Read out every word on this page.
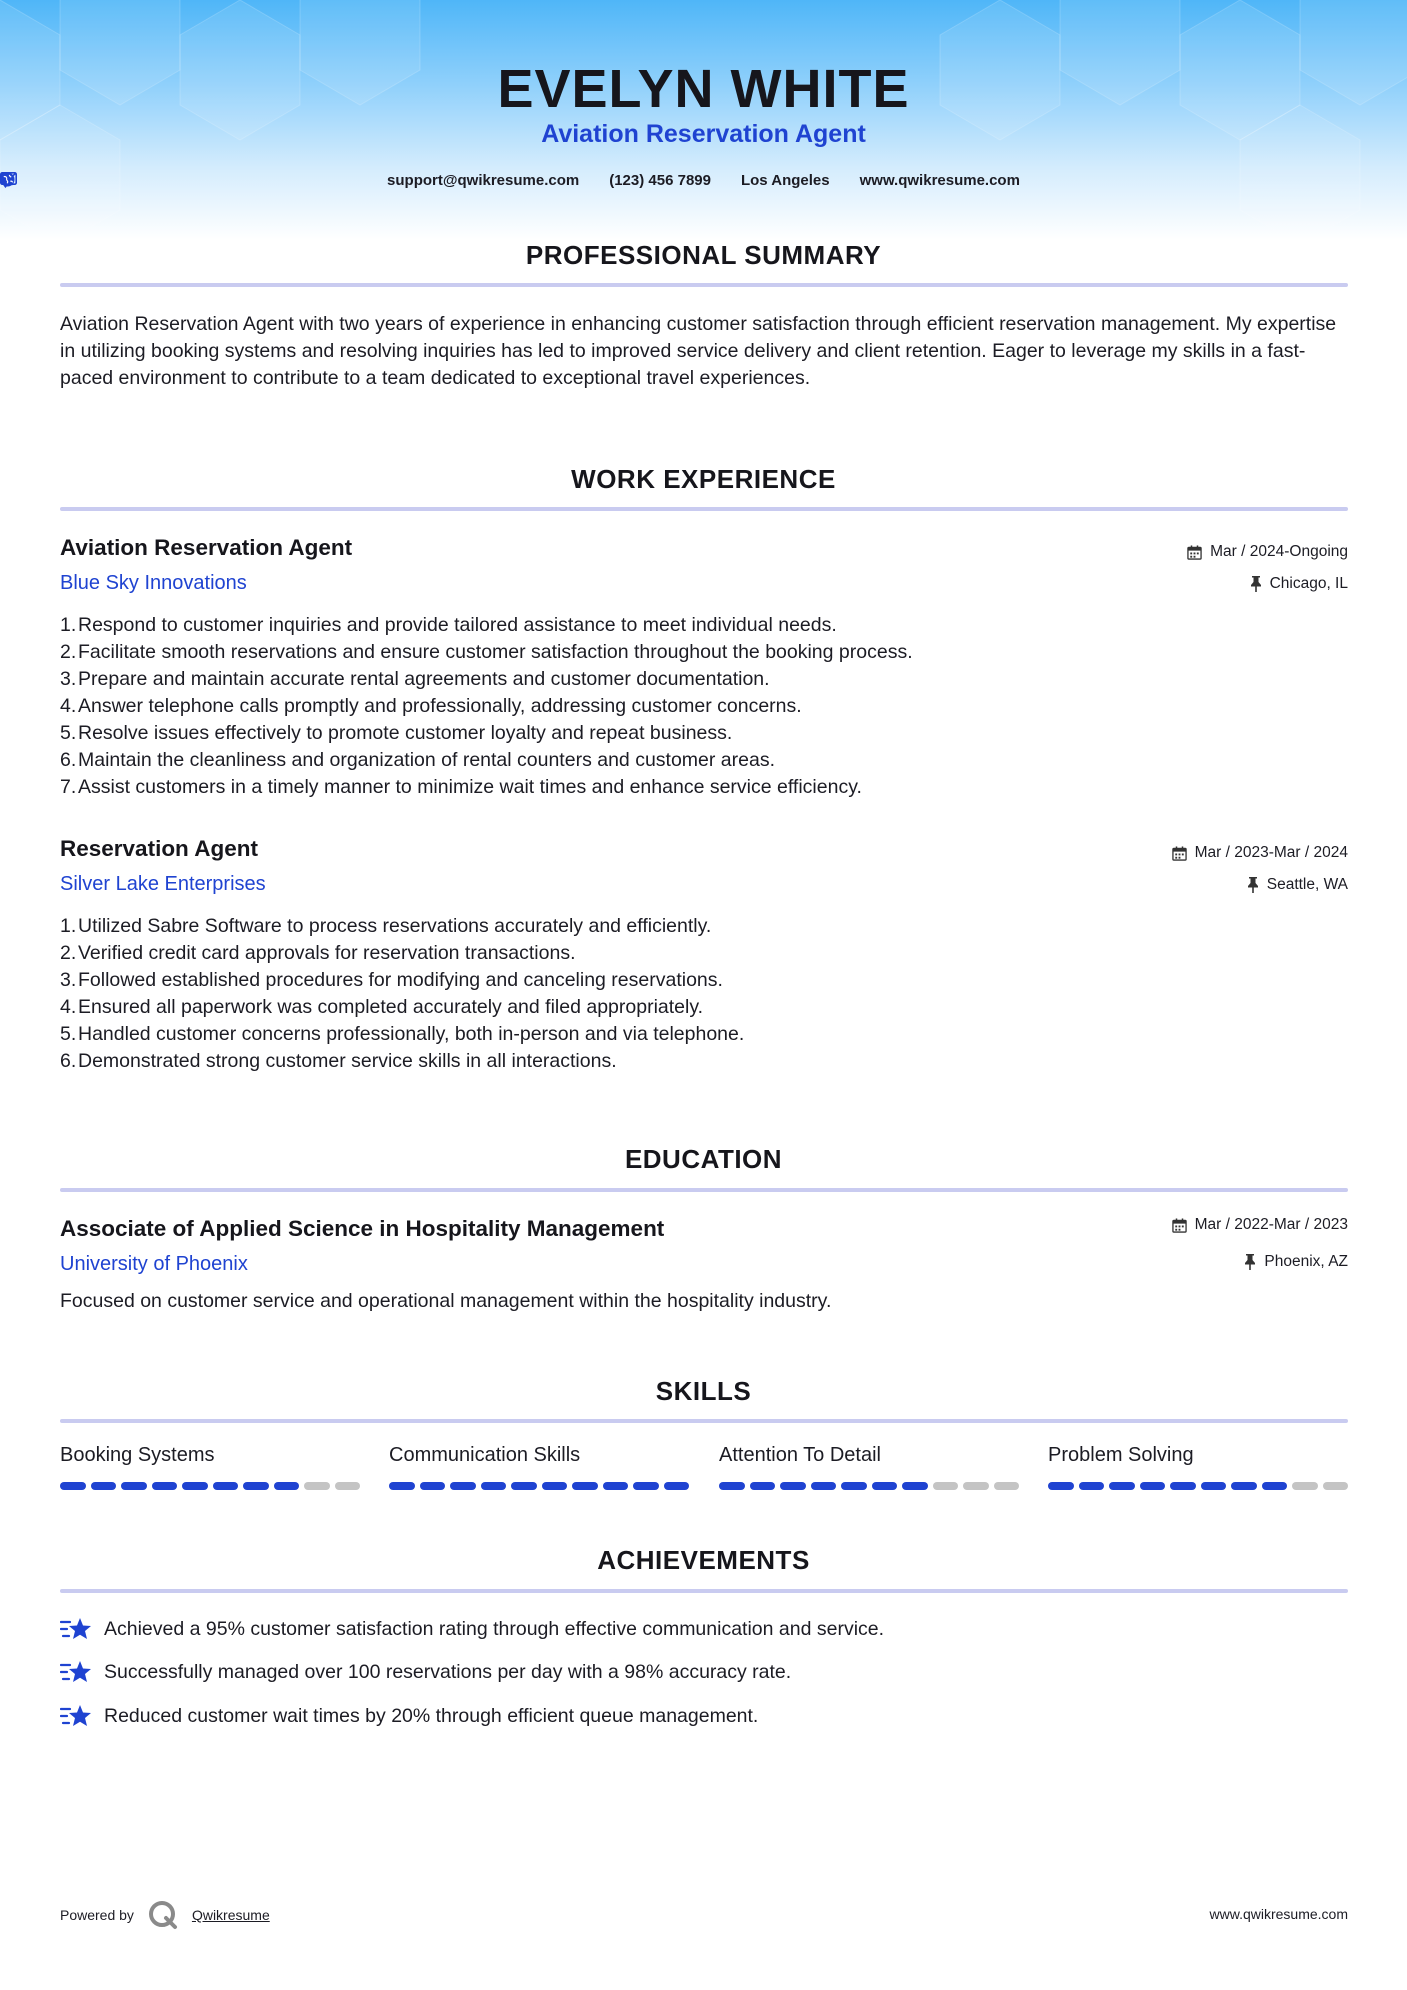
EVELYN WHITE
Aviation Reservation Agent
support@qwikresume.com (123) 456 7899 Los Angeles www.qwikresume.com
PROFESSIONAL SUMMARY
Aviation Reservation Agent with two years of experience in enhancing customer satisfaction through efficient reservation management. My expertise in utilizing booking systems and resolving inquiries has led to improved service delivery and client retention. Eager to leverage my skills in a fast-paced environment to contribute to a team dedicated to exceptional travel experiences.
WORK EXPERIENCE
Aviation Reservation Agent
Blue Sky Innovations
Mar / 2024-Ongoing
Chicago, IL
1. Respond to customer inquiries and provide tailored assistance to meet individual needs.
2. Facilitate smooth reservations and ensure customer satisfaction throughout the booking process.
3. Prepare and maintain accurate rental agreements and customer documentation.
4. Answer telephone calls promptly and professionally, addressing customer concerns.
5. Resolve issues effectively to promote customer loyalty and repeat business.
6. Maintain the cleanliness and organization of rental counters and customer areas.
7. Assist customers in a timely manner to minimize wait times and enhance service efficiency.
Reservation Agent
Silver Lake Enterprises
Mar / 2023-Mar / 2024
Seattle, WA
1. Utilized Sabre Software to process reservations accurately and efficiently.
2. Verified credit card approvals for reservation transactions.
3. Followed established procedures for modifying and canceling reservations.
4. Ensured all paperwork was completed accurately and filed appropriately.
5. Handled customer concerns professionally, both in-person and via telephone.
6. Demonstrated strong customer service skills in all interactions.
EDUCATION
Associate of Applied Science in Hospitality Management
University of Phoenix
Mar / 2022-Mar / 2023
Phoenix, AZ
Focused on customer service and operational management within the hospitality industry.
SKILLS
Booking Systems	Communication Skills	Attention To Detail	Problem Solving
ACHIEVEMENTS
Achieved a 95% customer satisfaction rating through effective communication and service.
Successfully managed over 100 reservations per day with a 98% accuracy rate.
Reduced customer wait times by 20% through efficient queue management.
Powered by	Qwikresume	www.qwikresume.com
